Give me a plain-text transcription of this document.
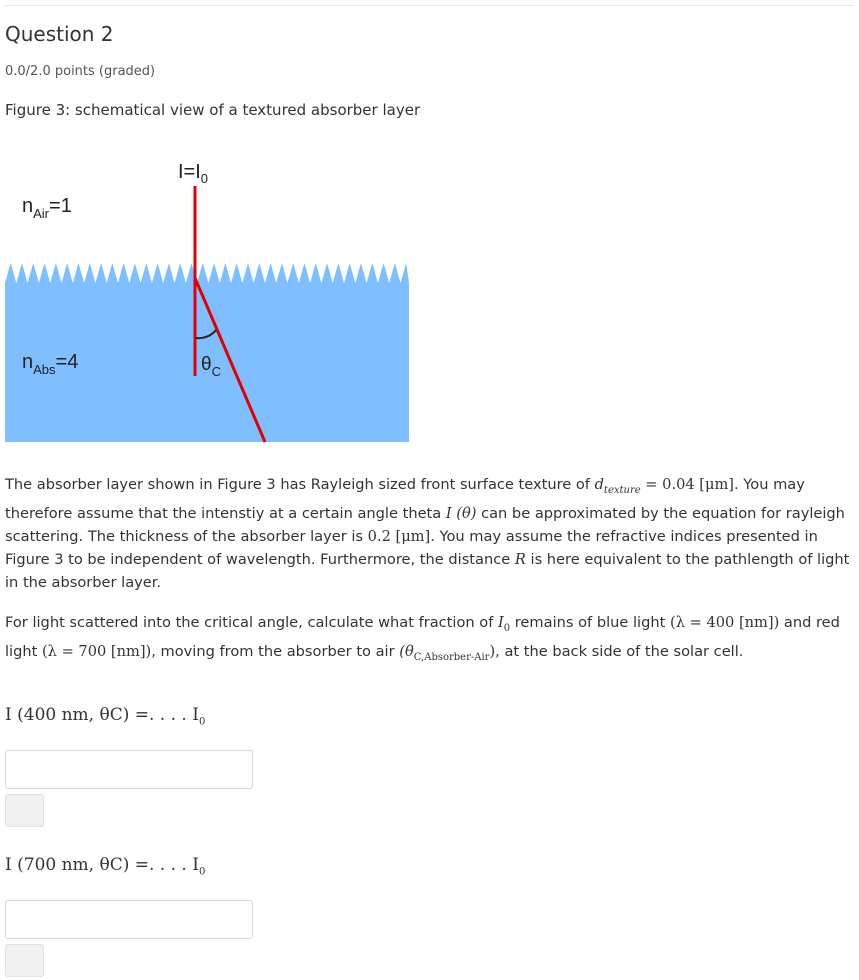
Question 2
0.0/2.0 points (graded)
Figure 3: schematical view of a textured absorber layer
$I=I_0$
$n_{Air}=1$
$n_{Abs}=4$	$\theta_C$

The absorber layer shown in Figure 3 has Rayleigh sized front surface texture of $d_{texture} = 0.04$ [μm]. You may therefore assume that the intenstiy at a certain angle theta I (θ) can be approximated by the equation for rayleigh scattering. The thickness of the absorber layer is 0.2 [μm]. You may assume the refractive indices presented in Figure 3 to be independent of wavelength. Furthermore, the distance R is here equivalent to the pathlength of light in the absorber layer.

For light scattered into the critical angle, calculate what fraction of $I_0$ remains of blue light (λ = 400 [nm]) and red light (λ = 700 [nm]), moving from the absorber to air $(\theta_{C,Absorber-Air})$, at the back side of the solar cell.

I (400 nm, θC) =. . . . $I_0$
I (700 nm, θC) =. . . . $I_0$
